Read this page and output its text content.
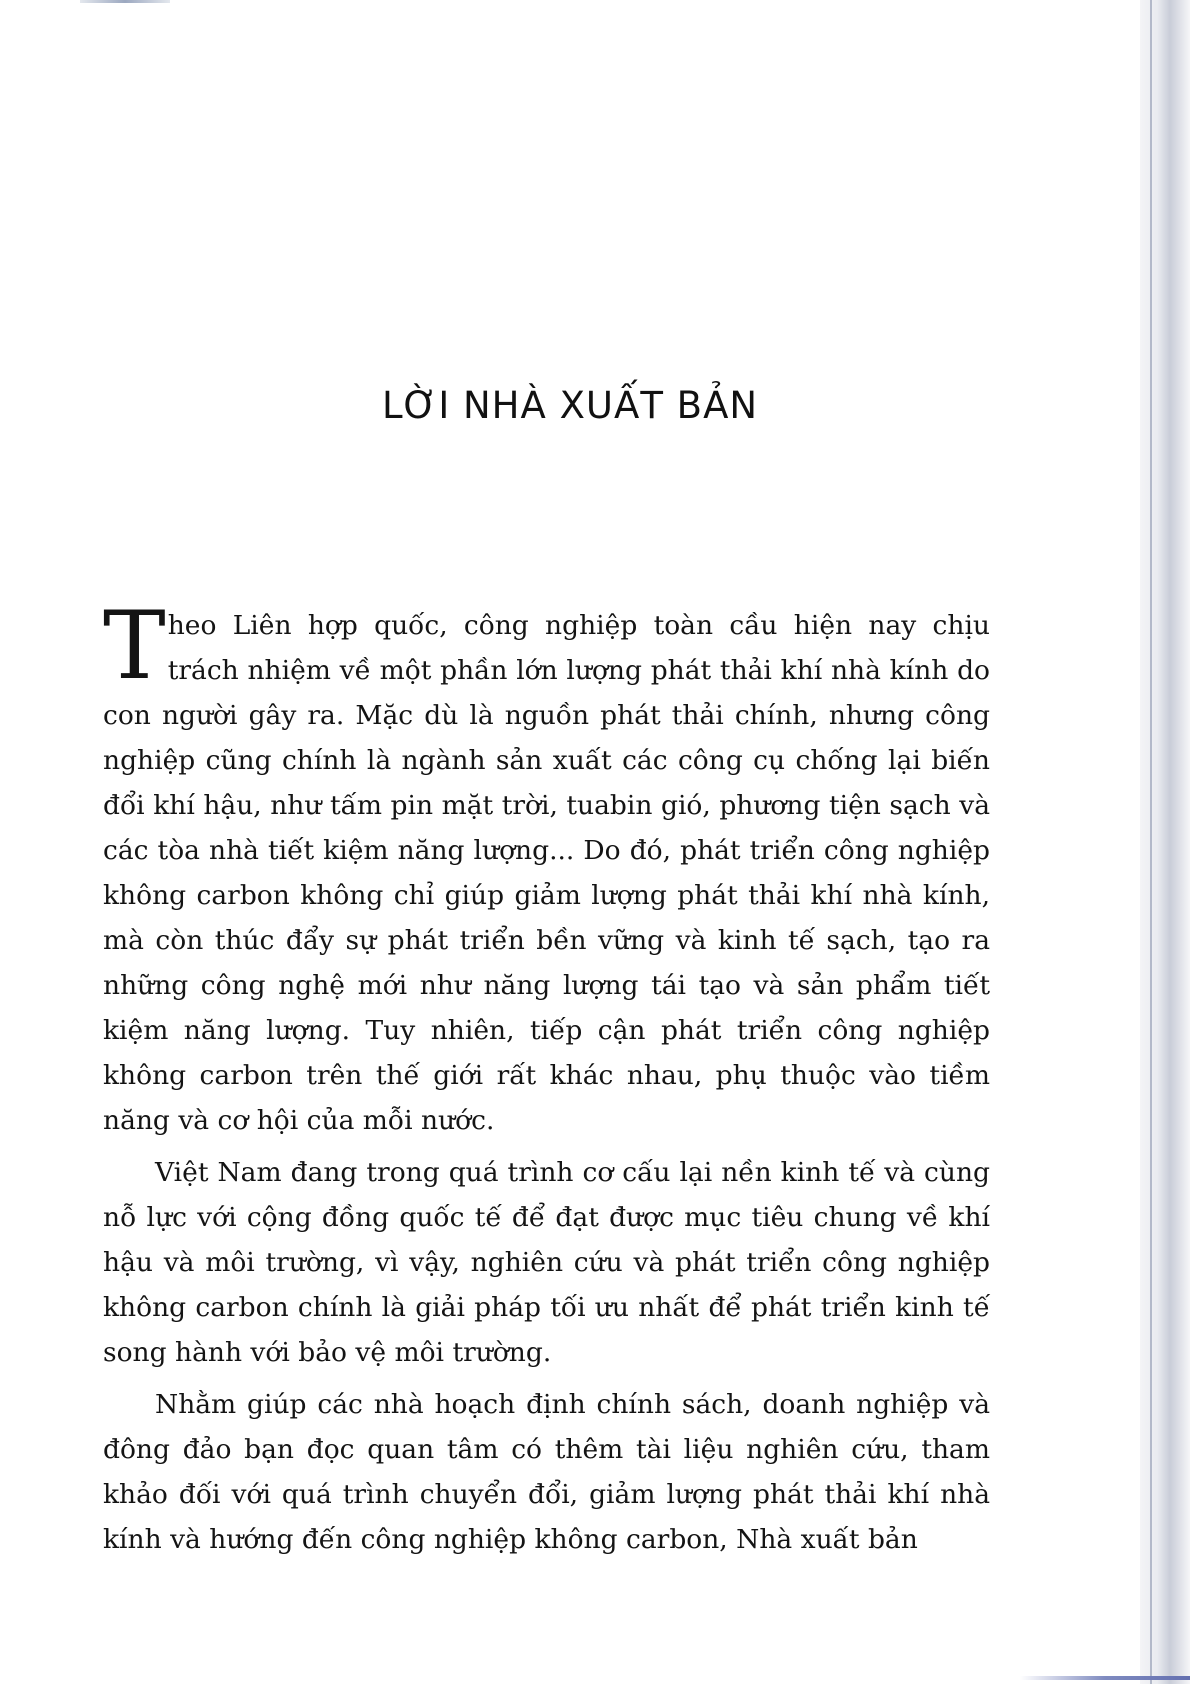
LỜI NHÀ XUẤT BẢN

Theo Liên hợp quốc, công nghiệp toàn cầu hiện nay chịu trách nhiệm về một phần lớn lượng phát thải khí nhà kính do con người gây ra. Mặc dù là nguồn phát thải chính, nhưng công nghiệp cũng chính là ngành sản xuất các công cụ chống lại biến đổi khí hậu, như tấm pin mặt trời, tuabin gió, phương tiện sạch và các tòa nhà tiết kiệm năng lượng... Do đó, phát triển công nghiệp không carbon không chỉ giúp giảm lượng phát thải khí nhà kính, mà còn thúc đẩy sự phát triển bền vững và kinh tế sạch, tạo ra những công nghệ mới như năng lượng tái tạo và sản phẩm tiết kiệm năng lượng. Tuy nhiên, tiếp cận phát triển công nghiệp không carbon trên thế giới rất khác nhau, phụ thuộc vào tiềm năng và cơ hội của mỗi nước.

Việt Nam đang trong quá trình cơ cấu lại nền kinh tế và cùng nỗ lực với cộng đồng quốc tế để đạt được mục tiêu chung về khí hậu và môi trường, vì vậy, nghiên cứu và phát triển công nghiệp không carbon chính là giải pháp tối ưu nhất để phát triển kinh tế song hành với bảo vệ môi trường.

Nhằm giúp các nhà hoạch định chính sách, doanh nghiệp và đông đảo bạn đọc quan tâm có thêm tài liệu nghiên cứu, tham khảo đối với quá trình chuyển đổi, giảm lượng phát thải khí nhà kính và hướng đến công nghiệp không carbon, Nhà xuất bản
